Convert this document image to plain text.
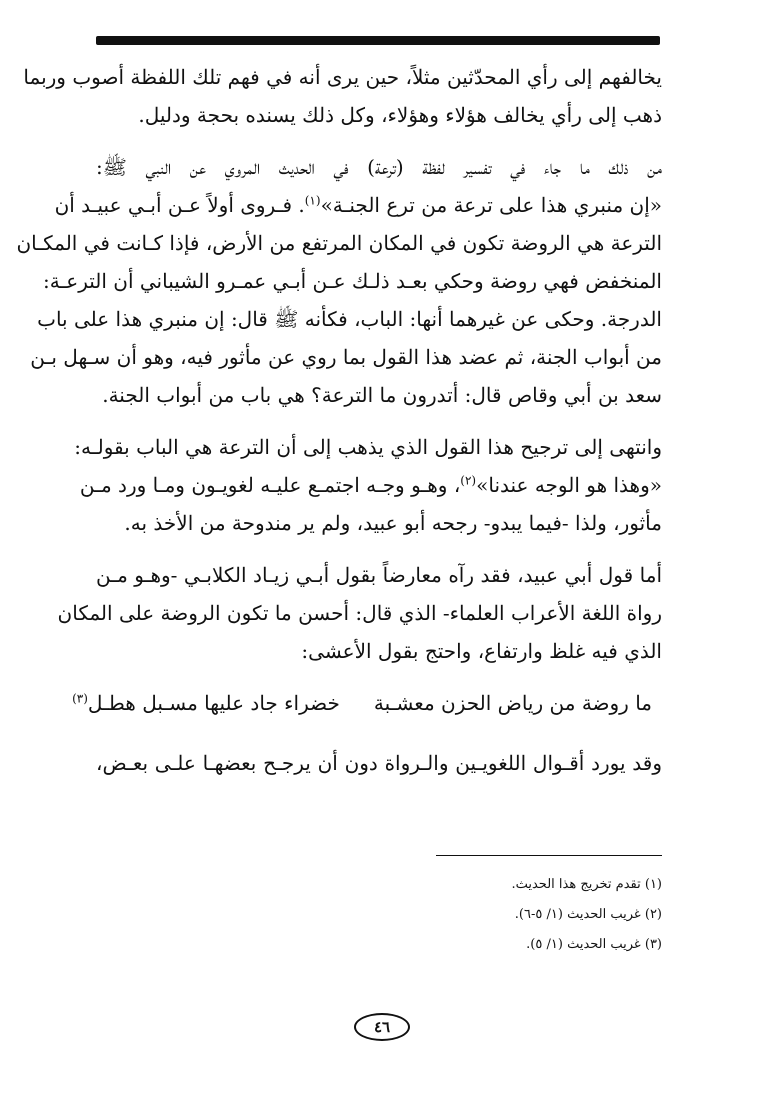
يخالفهم إلى رأي المحدّثين مثلاً، حين يرى أنه في فهم تلك اللفظة أصوب وربما
ذهب إلى رأي يخالف هؤلاء وهؤلاء، وكل ذلك يسنده بحجة ودليل.
من ذلك ما جاء في تفسير لفظة (ترعة) في الحديث المروي عن النبي ﷺ:
«إن منبري هذا على ترعة من ترع الجنـة»$^{(١)}$. فـروى أولاً عـن أبـي عبيـد أن
الترعة هي الروضة تكون في المكان المرتفع من الأرض، فإذا كـانت في المكـان
المنخفض فهي روضة وحكي بعـد ذلـك عـن أبـي عمـرو الشيباني أن الترعـة:
الدرجة. وحكى عن غيرهما أنها: الباب، فكأنه ﷺ قال: إن منبري هذا على باب
من أبواب الجنة، ثم عضد هذا القول بما روي عن مأثور فيه، وهو أن سـهل بـن
سعد بن أبي وقاص قال: أتدرون ما الترعة؟ هي باب من أبواب الجنة.
وانتهى إلى ترجيح هذا القول الذي يذهب إلى أن الترعة هي الباب بقولـه:
«وهذا هو الوجه عندنا»$^{(٢)}$، وهـو وجـه اجتمـع عليـه لغويـون ومـا ورد مـن
مأثور، ولذا -فيما يبدو- رجحه أبو عبيد، ولم ير مندوحة من الأخذ به.
أما قول أبي عبيد، فقد رآه معارضاً بقول أبـي زيـاد الكلابـي -وهـو مـن
رواة اللغة الأعراب العلماء- الذي قال: أحسن ما تكون الروضة على المكان
الذي فيه غلظ وارتفاع، واحتج بقول الأعشى:
ما روضة من رياض الحزن معشـبة
خضراء جاد عليها مسـبل هطـل$^{(٣)}$
وقد يورد أقـوال اللغويـين والـرواة دون أن يرجـح بعضهـا علـى بعـض،
(١) تقدم تخريج هذا الحديث.
(٢) غريب الحديث (١/ ٥-٦).
(٣) غريب الحديث (١/ ٥).
٤٦
